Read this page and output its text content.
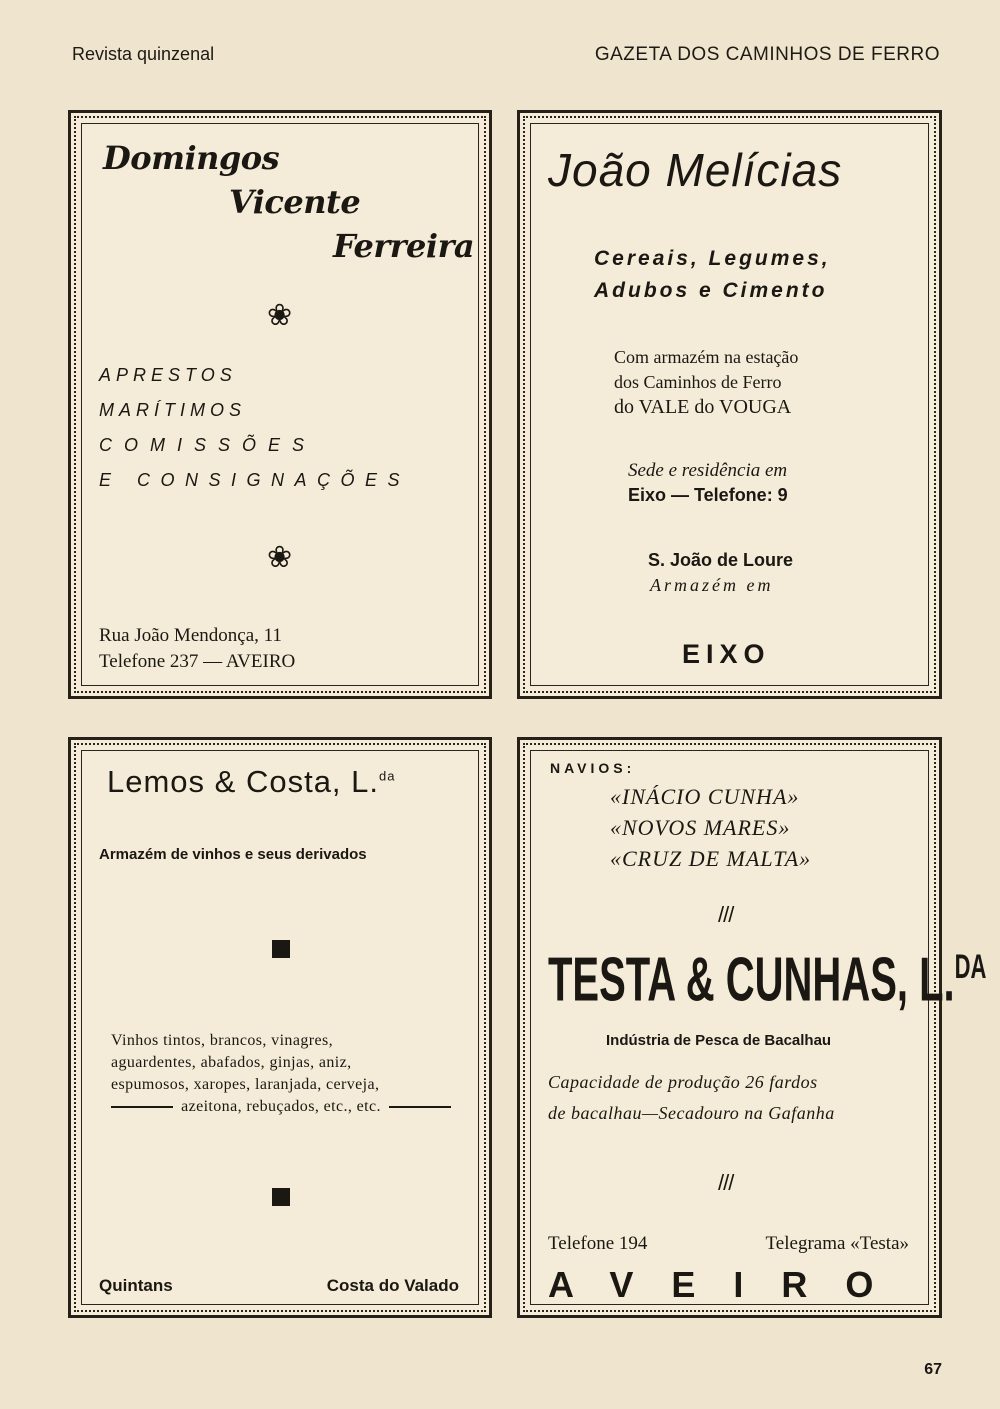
Revista quinzenal	GAZETA DOS CAMINHOS DE FERRO
Domingos
Vicente
Ferreira
❀
APRESTOS
MARÍTIMOS
COMISSÕES
E CONSIGNAÇÕES
❀
Rua João Mendonça, 11
Telefone 237 — AVEIRO
João Melícias
Cereais, Legumes,
Adubos e Cimento
Com armazém na estação
dos Caminhos de Ferro
do VALE do VOUGA
Sede e residência em
Eixo — Telefone: 9
S. João de Loure
Armazém em
EIXO
Lemos & Costa, L.$^{da}$
Armazém de vinhos e seus derivados
Vinhos tintos, brancos, vinagres,
aguardentes, abafados, ginjas, aniz,
espumosos, xaropes, laranjada, cerveja,
azeitona, rebuçados, etc., etc.
Quintans	Costa do Valado
NAVIOS:
«INÁCIO CUNHA»
«NOVOS MARES»
«CRUZ DE MALTA»
///
TESTA & CUNHAS, L.$^{DA}$
Indústria de Pesca de Bacalhau
Capacidade de produção 26 fardos
de bacalhau—Secadouro na Gafanha
///
Telefone 194	Telegrama «Testa»
AVEIRO
67
